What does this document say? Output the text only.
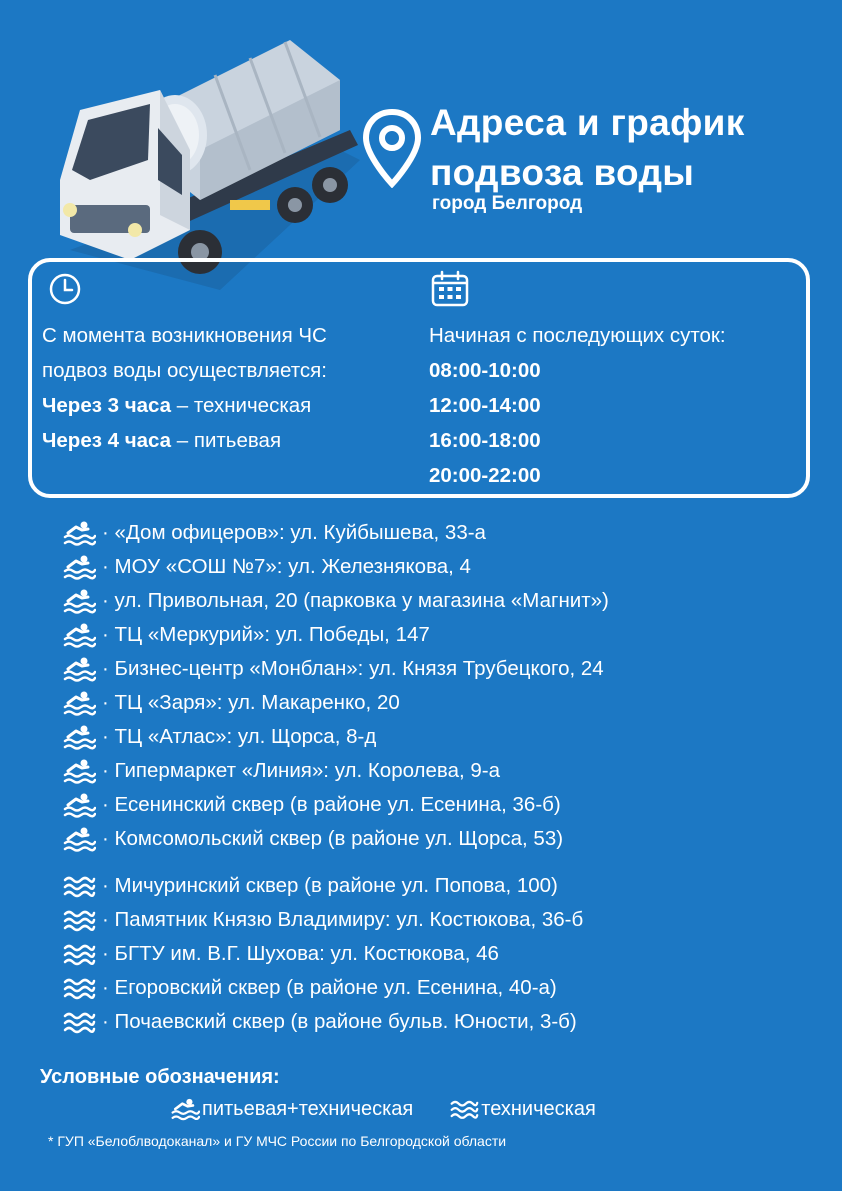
Адреса и график
подвоза воды
город Белгород
С момента возникновения ЧС
подвоз воды осуществляется:
Через 3 часа – техническая
Через 4 часа – питьевая
Начиная с последующих суток:
08:00-10:00
12:00-14:00
16:00-18:00
20:00-22:00
· «Дом офицеров»: ул. Куйбышева, 33-а
· МОУ «СОШ №7»: ул. Железнякова, 4
· ул. Привольная, 20 (парковка у магазина «Магнит»)
· ТЦ «Меркурий»: ул. Победы, 147
· Бизнес-центр «Монблан»: ул. Князя Трубецкого, 24
· ТЦ «Заря»: ул. Макаренко, 20
· ТЦ «Атлас»: ул. Щорса, 8-д
· Гипермаркет «Линия»: ул. Королева, 9-а
· Есенинский сквер (в районе ул. Есенина, 36-б)
· Комсомольский сквер (в районе ул. Щорса, 53)
· Мичуринский сквер (в районе ул. Попова, 100)
· Памятник Князю Владимиру: ул. Костюкова, 36-б
· БГТУ им. В.Г. Шухова: ул. Костюкова, 46
· Егоровский сквер (в районе ул. Есенина, 40-а)
· Почаевский сквер (в районе бульв. Юности, 3-б)
Условные обозначения:
питьевая+техническая	техническая
* ГУП «Белоблводоканал» и ГУ МЧС России по Белгородской области
